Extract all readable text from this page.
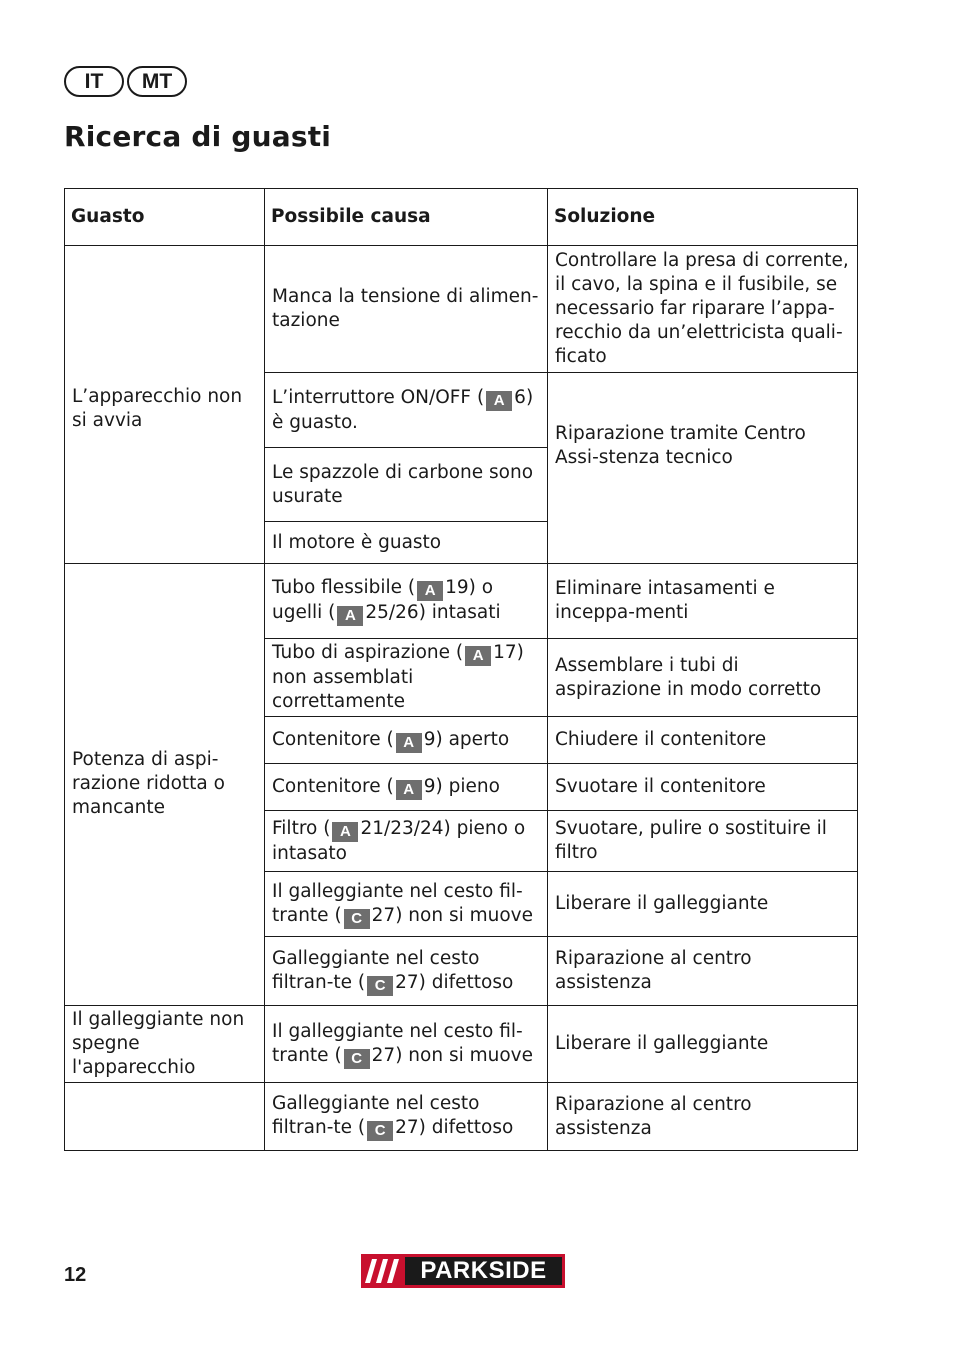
IT	MT
Ricerca di guasti
Guasto	Possibile causa	Soluzione
L’apparecchio non si avvia	Manca la tensione di alimen-tazione	Controllare la presa di corrente, il cavo, la spina e il fusibile, se necessario far riparare l’appa-recchio da un’elettricista quali-ficato
	L’interruttore ON/OFF ( A 6) è guasto.	Riparazione tramite Centro Assi-stenza tecnico
	Le spazzole di carbone sono usurate	
	Il motore è guasto	
Potenza di aspi-razione ridotta o mancante	Tubo flessibile ( A 19) o ugelli ( A 25/26) intasati	Eliminare intasamenti e inceppa-menti
	Tubo di aspirazione ( A 17) non assemblati correttamente	Assemblare i tubi di aspirazione in modo corretto
	Contenitore ( A 9) aperto	Chiudere il contenitore
	Contenitore ( A 9) pieno	Svuotare il contenitore
	Filtro ( A 21/23/24) pieno o intasato	Svuotare, pulire o sostituire il filtro
	Il galleggiante nel cesto fil-trante ( C 27) non si muove	Liberare il galleggiante
	Galleggiante nel cesto filtran-te ( C 27) difettoso	Riparazione al centro assistenza
Il galleggiante non spegne l'apparecchio	Il galleggiante nel cesto fil-trante ( C 27) non si muove	Liberare il galleggiante
	Galleggiante nel cesto filtran-te ( C 27) difettoso	Riparazione al centro assistenza
12	PARKSIDE
